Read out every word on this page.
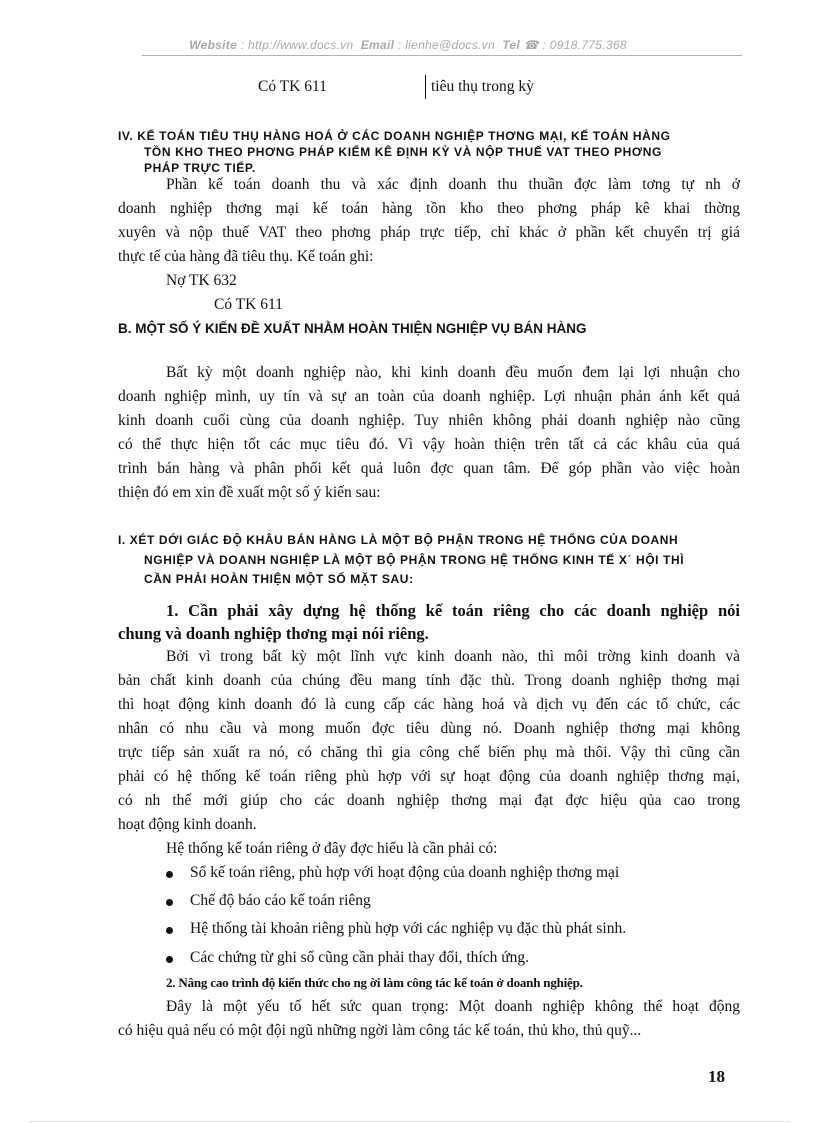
Website : http://www.docs.vn Email : lienhe@docs.vn Tel ☎ : 0918.775.368
Có TK 611	tiêu thụ trong kỳ
IV. KẾ TOÁN TIÊU THỤ HÀNG HOÁ Ở CÁC DOANH NGHIỆP THƠNG MẠI, KẾ TOÁN HÀNG
TỒN KHO THEO PHƠNG PHÁP KIỂM KÊ ĐỊNH KỲ VÀ NỘP THUẾ VAT THEO PHƠNG
PHÁP TRỰC TIẾP.
Phần kế toán doanh thu và xác định doanh thu thuần đợc làm tơng tự nh ở
doanh nghiệp thơng mại kế toán hàng tồn kho theo phơng pháp kê khai thờng
xuyên và nộp thuế VAT theo phơng pháp trực tiếp, chỉ khác ở phần kết chuyển trị giá
thực tế của hàng đã tiêu thụ. Kế toán ghi:
Nợ TK 632
Có TK 611
B. MỘT SỐ Ý KIẾN ĐỀ XUẤT NHẰM HOÀN THIỆN NGHIỆP VỤ BÁN HÀNG
Bất kỳ một doanh nghiệp nào, khi kinh doanh đều muốn đem lại lợi nhuận cho
doanh nghiệp mình, uy tín và sự an toàn của doanh nghiệp. Lợi nhuận phản ánh kết quả
kinh doanh cuối cùng của doanh nghiệp. Tuy nhiên không phải doanh nghiệp nào cũng
có thể thực hiện tốt các mục tiêu đó. Vì vậy hoàn thiện trên tất cả các khâu của quá
trình bán hàng và phân phối kết quả luôn đợc quan tâm. Để góp phần vào việc hoàn
thiện đó em xin đề xuất một số ý kiến sau:
I. XÉT DỚI GIÁC ĐỘ KHÂU BÁN HÀNG LÀ MỘT BỘ PHẬN TRONG HỆ THỐNG CỦA DOANH
NGHIỆP VÀ DOANH NGHIỆP LÀ MỘT BỘ PHẬN TRONG HỆ THỐNG KINH TẾ X˙ HỘI THÌ
CẦN PHẢI HOÀN THIỆN MỘT SỐ MẶT SAU:
1. Cần phải xây dựng hệ thống kế toán riêng cho các doanh nghiệp nói
chung và doanh nghiệp thơng mại nói riêng.
Bởi vì trong bất kỳ một lĩnh vực kinh doanh nào, thì môi trờng kinh doanh và
bản chất kinh doanh của chúng đều mang tính đặc thù. Trong doanh nghiệp thơng mại
thì hoạt động kinh doanh đó là cung cấp các hàng hoá và dịch vụ đến các tổ chức, các
nhân có nhu cầu và mong muốn đợc tiêu dùng nó. Doanh nghiệp thơng mại không
trực tiếp sản xuất ra nó, có chăng thì gia công chế biến phụ mà thôi. Vậy thì cũng cần
phải có hệ thống kế toán riêng phù hợp với sự hoạt động của doanh nghiệp thơng mại,
có nh thế mới giúp cho các doanh nghiệp thơng mại đạt đợc hiệu qủa cao trong
hoạt động kinh doanh.
Hệ thống kế toán riêng ở đây đợc hiểu là cần phải có:
Sổ kế toán riêng, phù hợp với hoạt động của doanh nghiệp thơng mại
Chế độ báo cáo kế toán riêng
Hệ thống tài khoản riêng phù hợp với các nghiệp vụ đặc thù phát sinh.
Các chứng từ ghi sổ cũng cần phải thay đổi, thích ứng.
2. Nâng cao trình độ kiến thức cho ng ời làm công tác kế toán ở doanh nghiệp.
Đây là một yếu tố hết sức quan trọng: Một doanh nghiệp không thể hoạt động
có hiệu quả nếu có một đội ngũ những ngời làm công tác kế toán, thủ kho, thủ quỹ...
18
